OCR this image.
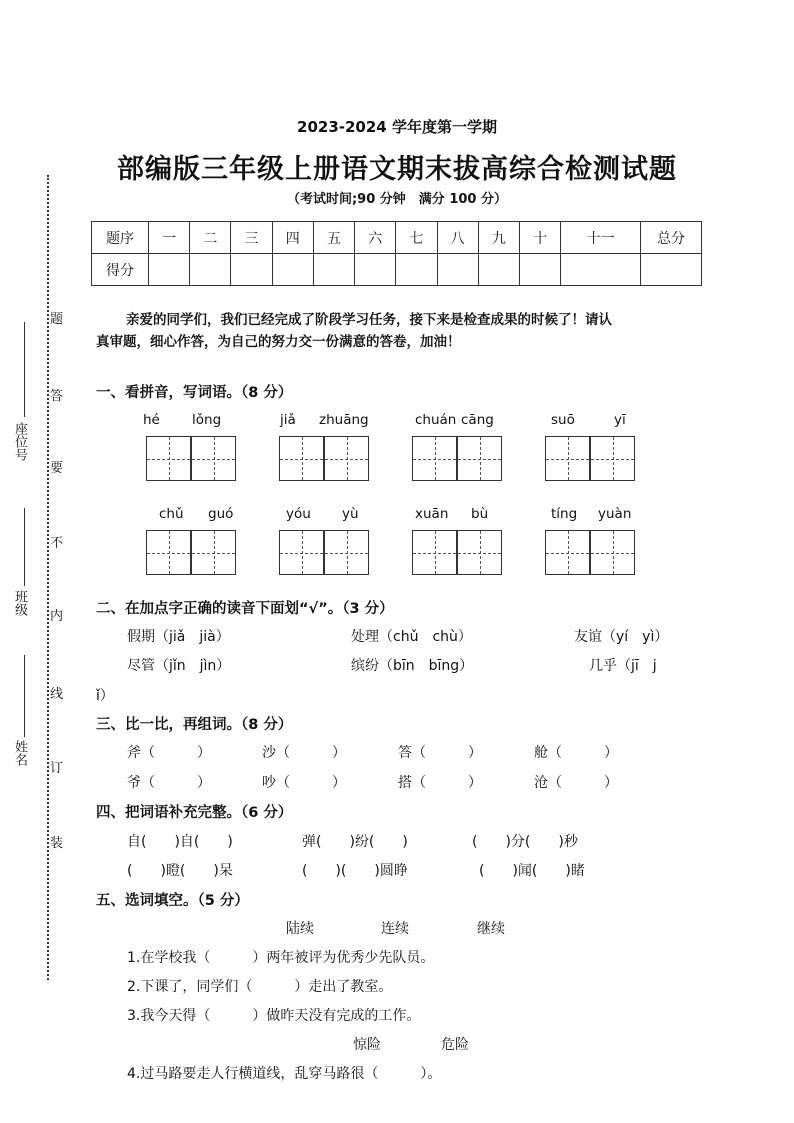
座位号
班级
姓名
题
答
要
不
内
线
订
装
2023-2024 学年度第一学期
部编版三年级上册语文期末拔高综合检测试题
（考试时间;90 分钟　满分 100 分）
题序	一	二	三	四	五	六	七	八	九	十	十一	总分
得分												
亲爱的同学们，我们已经完成了阶段学习任务，接下来是检查成果的时候了！请认
真审题，细心作答，为自己的努力交一份满意的答卷，加油！
一、看拼音，写词语。（8 分）
hé lǒng	jiǎ zhuāng	chuán cāng	suō	yī
chǔ guó	yóu yù	xuān bù	tíng yuàn
二、在加点字正确的读音下面划“√”。（3 分）
假期（jiǎ　jià）	处理（chǔ　chù）	友谊（yí　yì）
尽管（jǐn　jìn）	缤纷（bīn　bīng）	几乎（jī　j
ǐ）
三、比一比，再组词。（8 分）
斧（　　　）	沙（　　　）	答（　　　）	舱（　　　）
爷（　　　）	吵（　　　）	搭（　　　）	沧（　　　）
四、把词语补充完整。（6 分）
自(　　)自(　　)	弹(　　)纷(　　)	(　　)分(　　)秒
(　　)瞪(　　)呆	(　　)(　　)圆睁	(　　)闻(　　)睹
五、选词填空。（5 分）
陆续	连续	继续
1.在学校我（　　　）两年被评为优秀少先队员。
2.下课了，同学们（　　　）走出了教室。
3.我今天得（　　　）做昨天没有完成的工作。
惊险	危险
4.过马路要走人行横道线，乱穿马路很（　　　）。
